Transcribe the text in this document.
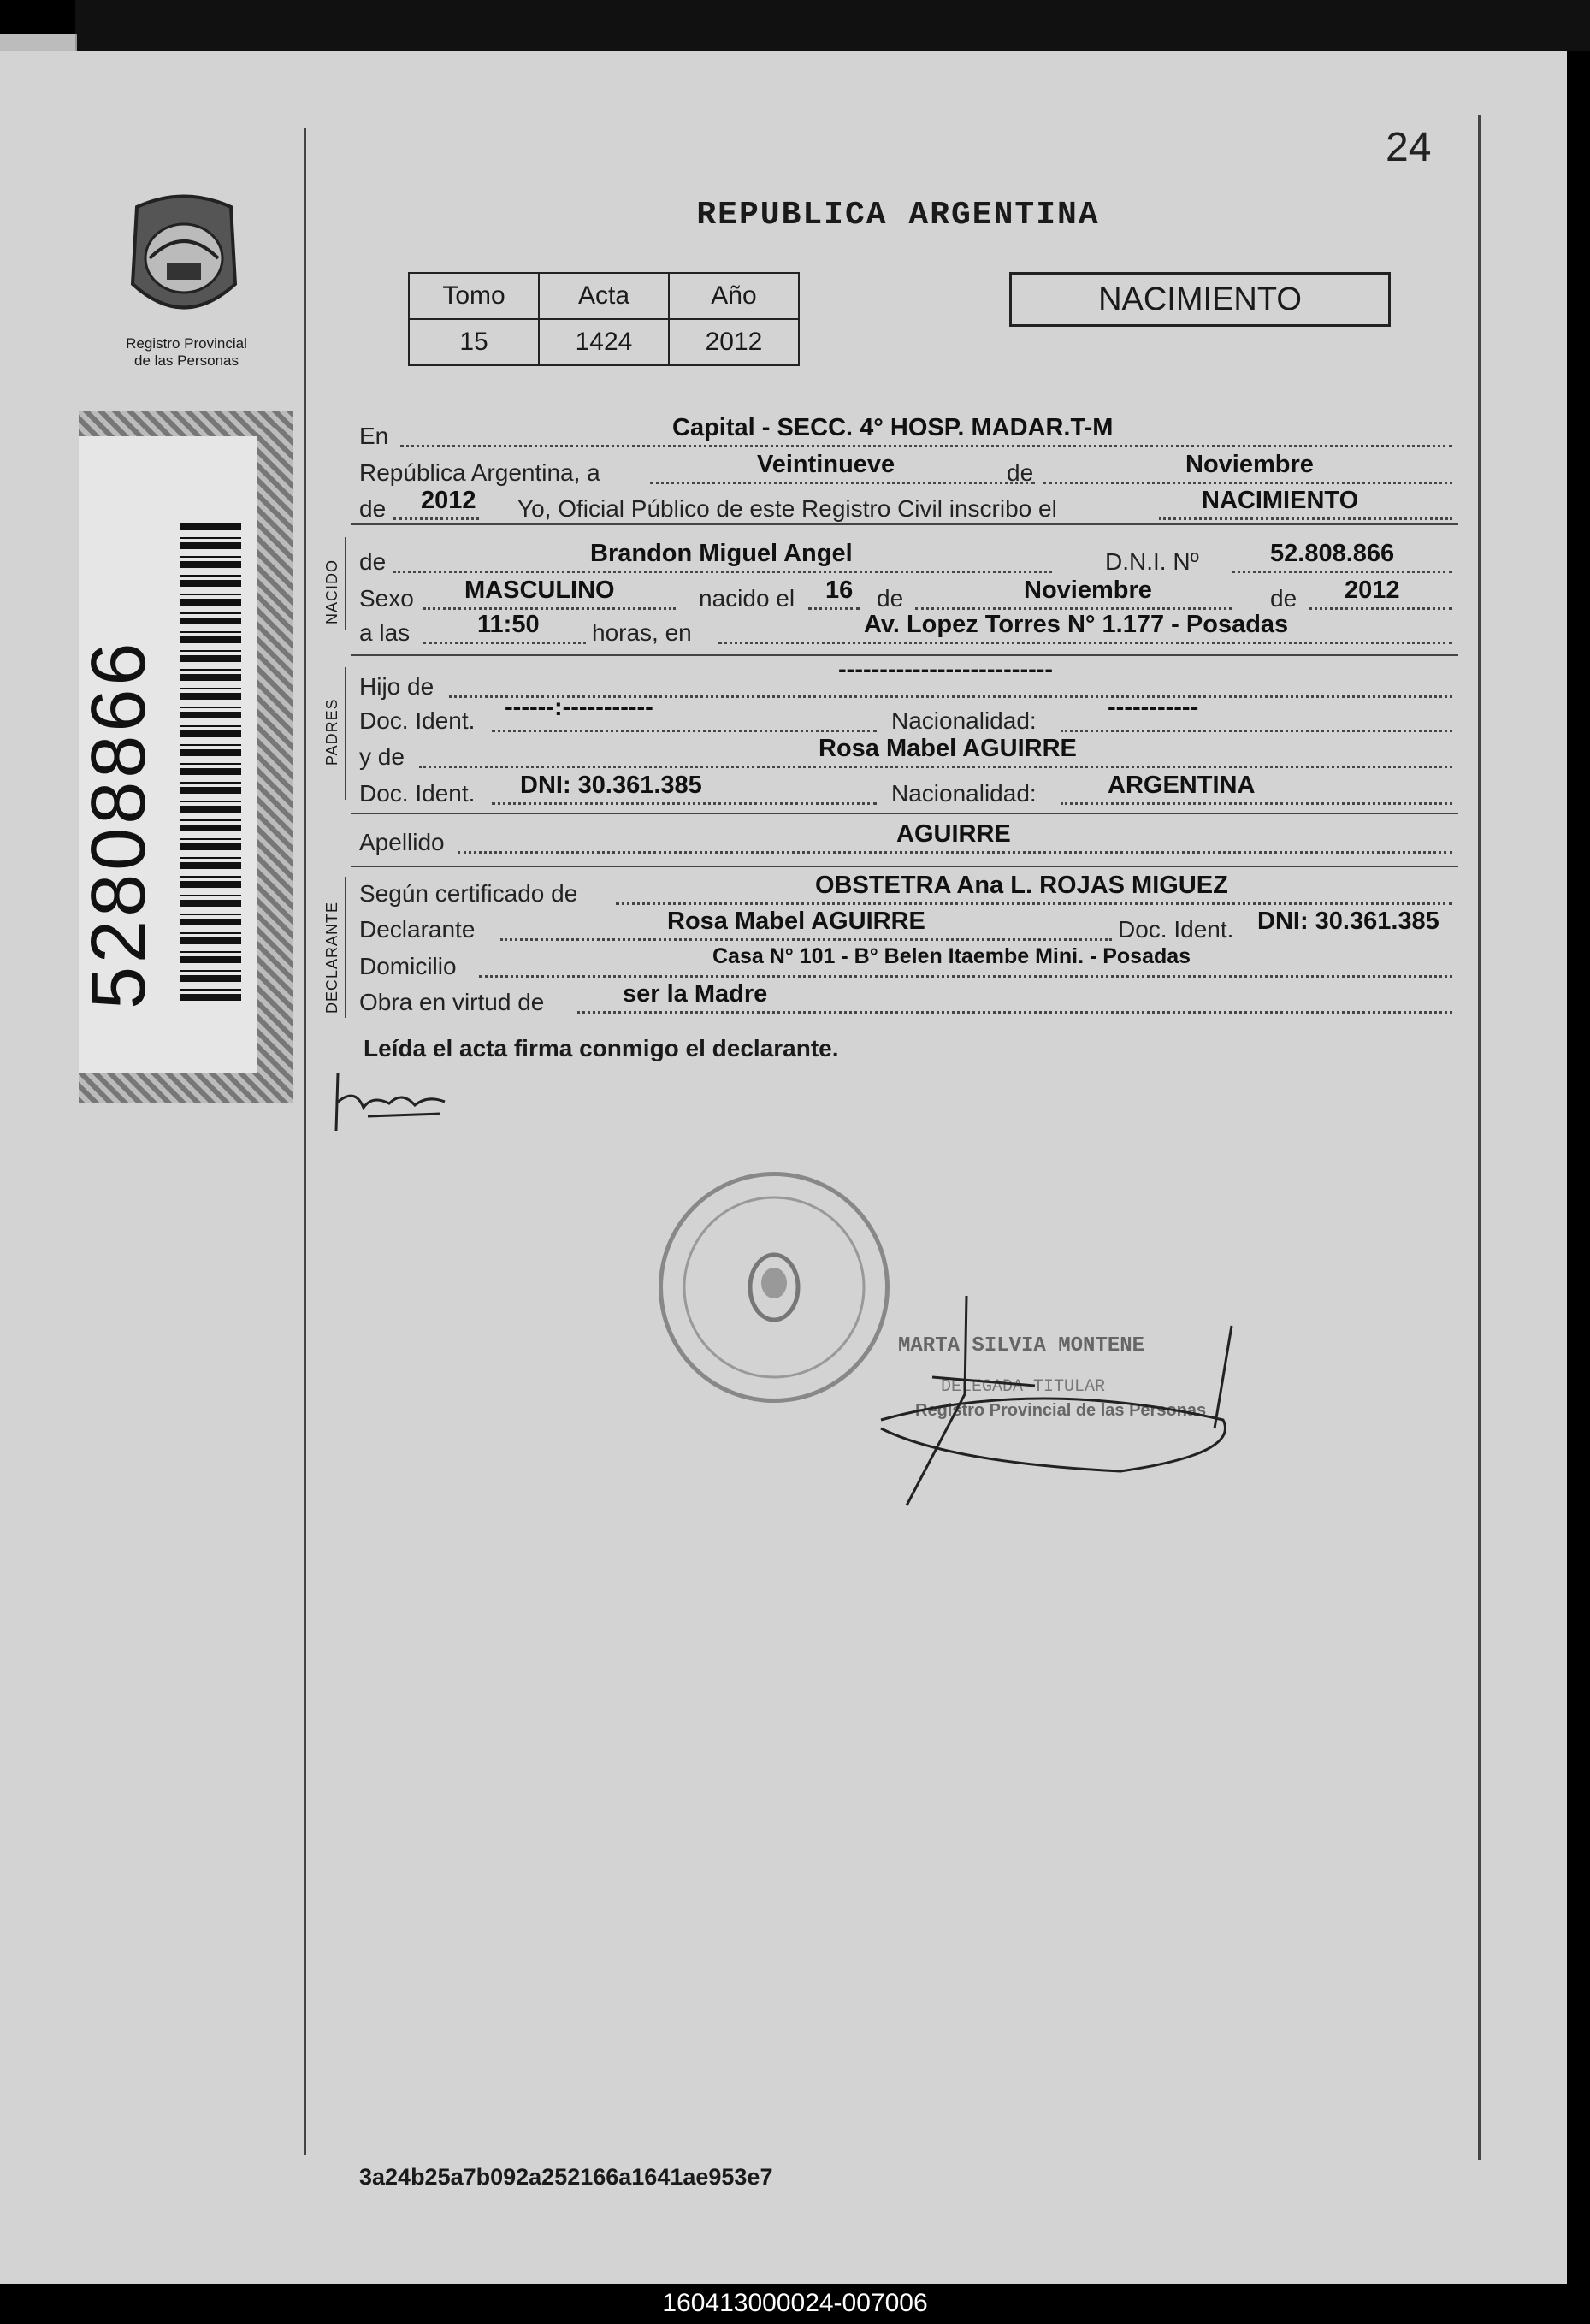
Registro Provincial
de las Personas
52808866
24
REPUBLICA ARGENTINA
Tomo	Acta	Año
15	1424	2012
NACIMIENTO
NACIDO
PADRES
DECLARANTE
En	Capital - SECC. 4° HOSP. MADAR.T-M
República Argentina, a	Veintinueve	de	Noviembre
de 2012 Yo, Oficial Público de este Registro Civil inscribo el	NACIMIENTO
de	Brandon Miguel Angel	D.N.I. Nº	52.808.866
Sexo MASCULINO	nacido el 16 de	Noviembre	de 2012
a las	11:50 horas, en	Av. Lopez Torres N° 1.177 - Posadas
Hijo de
--------------------------
Doc. Ident. ------:-----------	Nacionalidad:	-----------
y de	Rosa Mabel AGUIRRE
Doc. Ident. DNI: 30.361.385	Nacionalidad:	ARGENTINA
Apellido	AGUIRRE
Según certificado de	OBSTETRA Ana L. ROJAS MIGUEZ
Declarante	Rosa Mabel AGUIRRE	Doc. Ident. DNI: 30.361.385
Domicilio	Casa N° 101 - B° Belen Itaembe Mini. - Posadas
Obra en virtud de	ser la Madre
Leída el acta firma conmigo el declarante.
MARTA SILVIA MONTENE
DELEGADA TITULAR
Registro Provincial de las Personas
3a24b25a7b092a252166a1641ae953e7
160413000024-007006
